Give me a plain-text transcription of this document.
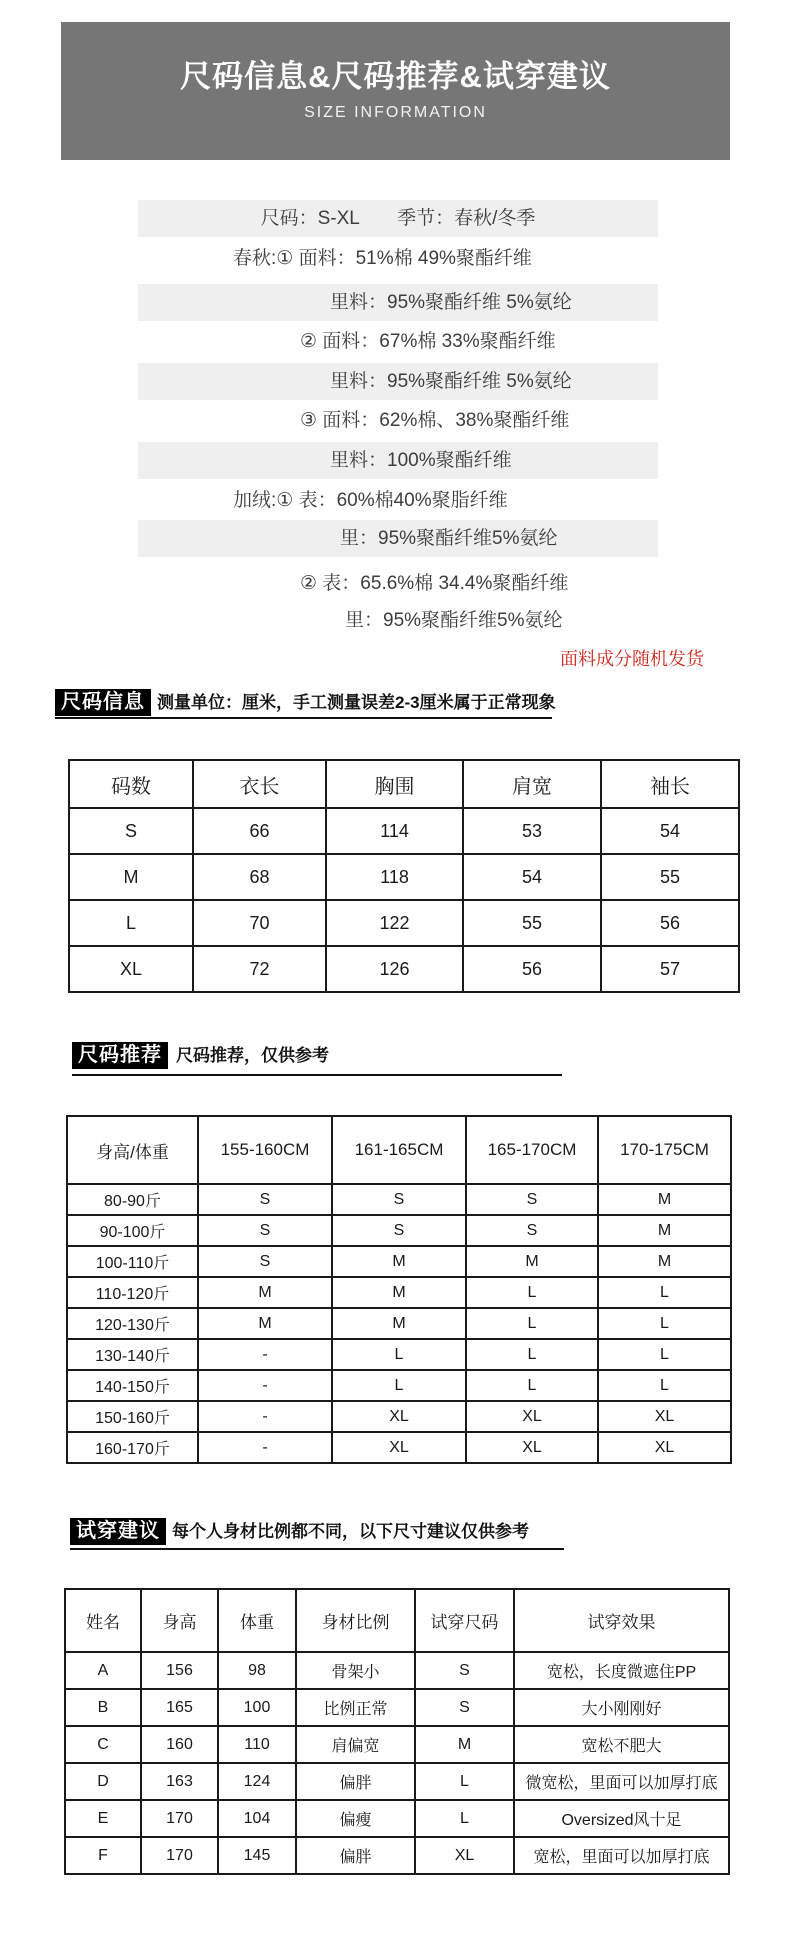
尺码信息&尺码推荐&试穿建议
SIZE INFORMATION
尺码：S-XL　　季节：春秋/冬季
春秋:① 面料：51%棉 49%聚酯纤维
里料：95%聚酯纤维 5%氨纶
② 面料：67%棉 33%聚酯纤维
里料：95%聚酯纤维 5%氨纶
③ 面料：62%棉、38%聚酯纤维
里料：100%聚酯纤维
加绒:① 表：60%棉40%聚脂纤维
里：95%聚酯纤维5%氨纶
② 表：65.6%棉 34.4%聚酯纤维
里：95%聚酯纤维5%氨纶
面料成分随机发货
尺码信息 测量单位：厘米，手工测量误差2-3厘米属于正常现象
码数	衣长	胸围	肩宽	袖长
S	66	114	53	54
M	68	118	54	55
L	70	122	55	56
XL	72	126	56	57
尺码推荐 尺码推荐，仅供参考
身高/体重	155-160CM	161-165CM	165-170CM	170-175CM
80-90斤	S	S	S	M
90-100斤	S	S	S	M
100-110斤	S	M	M	M
110-120斤	M	M	L	L
120-130斤	M	M	L	L
130-140斤	-	L	L	L
140-150斤	-	L	L	L
150-160斤	-	XL	XL	XL
160-170斤	-	XL	XL	XL
试穿建议 每个人身材比例都不同，以下尺寸建议仅供参考
姓名	身高	体重	身材比例	试穿尺码	试穿效果
A	156	98	骨架小	S	宽松，长度微遮住PP
B	165	100	比例正常	S	大小刚刚好
C	160	110	肩偏宽	M	宽松不肥大
D	163	124	偏胖	L	微宽松，里面可以加厚打底
E	170	104	偏瘦	L	Oversized风十足
F	170	145	偏胖	XL	宽松，里面可以加厚打底
